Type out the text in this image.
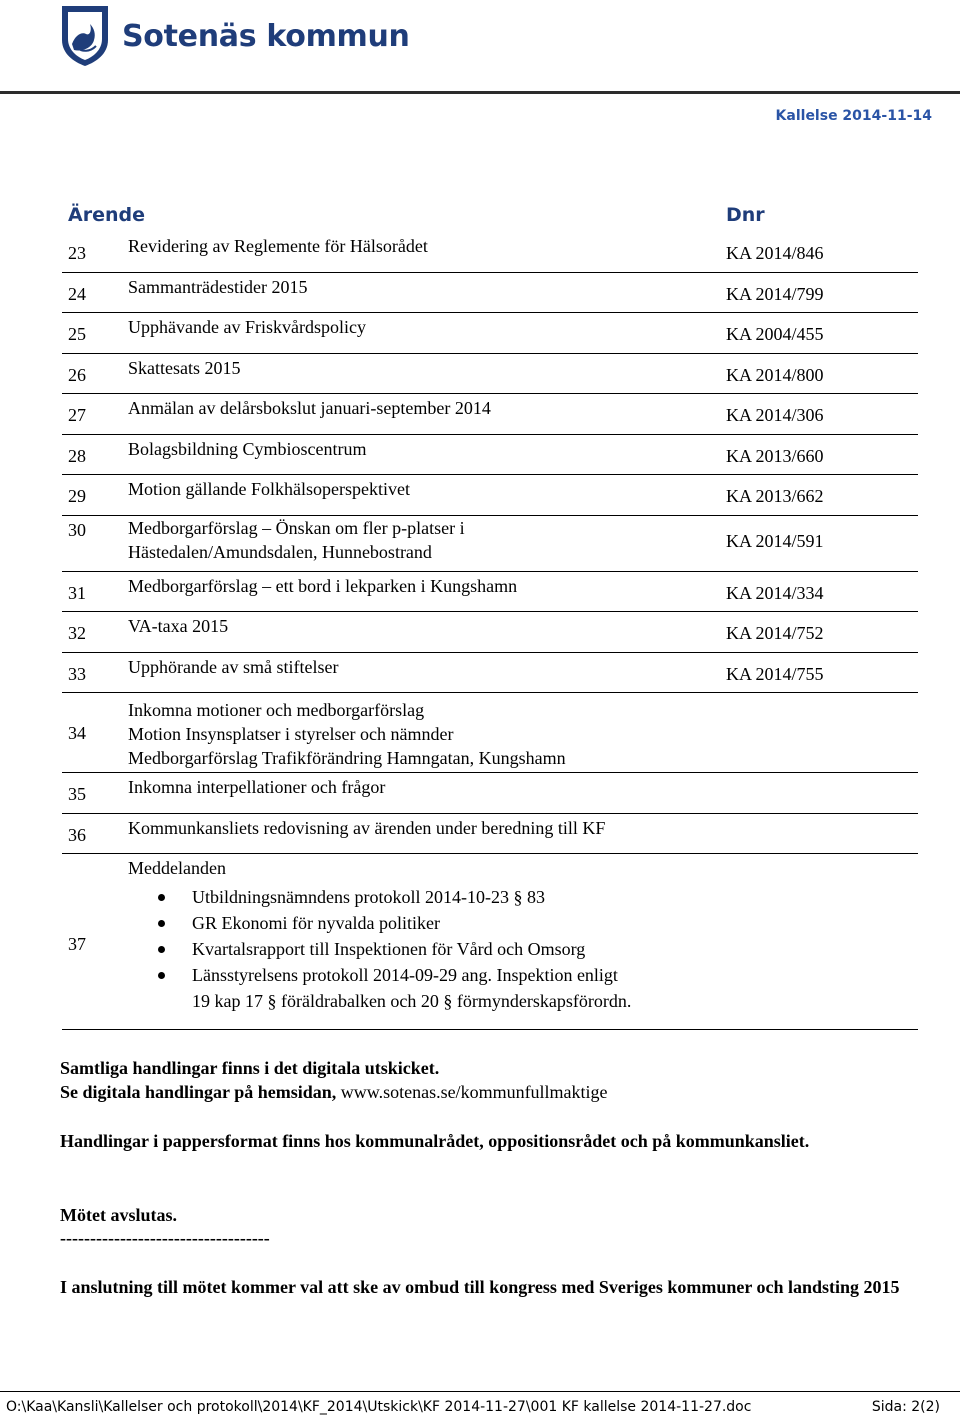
Sotenäs kommun
Kallelse 2014-11-14
Ärende	Dnr
23 Revidering av Reglemente för Hälsorådet	KA 2014/846
24 Sammanträdestider 2015	KA 2014/799
25 Upphävande av Friskvårdspolicy	KA 2004/455
26 Skattesats 2015	KA 2014/800
27 Anmälan av delårsbokslut januari-september 2014	KA 2014/306
28 Bolagsbildning Cymbioscentrum	KA 2013/660
29 Motion gällande Folkhälsoperspektivet	KA 2013/662
30 Medborgarförslag – Önskan om fler p-platser i
Hästedalen/Amundsdalen, Hunnebostrand
KA 2014/591
31 Medborgarförslag – ett bord i lekparken i Kungshamn	KA 2014/334
32 VA-taxa 2015	KA 2014/752
33 Upphörande av små stiftelser	KA 2014/755
34
Inkomna motioner och medborgarförslag
Motion Insynsplatser i styrelser och nämnder
Medborgarförslag Trafikförändring Hamngatan, Kungshamn
35 Inkomna interpellationer och frågor
36 Kommunkansliets redovisning av ärenden under beredning till KF
37
Meddelanden
Utbildningsnämndens protokoll 2014-10-23 § 83
GR Ekonomi för nyvalda politiker
Kvartalsrapport till Inspektionen för Vård och Omsorg
Länsstyrelsens protokoll 2014-09-29 ang. Inspektion enligt
19 kap 17 § föräldrabalken och 20 § förmynderskapsförordn.
Samtliga handlingar finns i det digitala utskicket.
Se digitala handlingar på hemsidan, www.sotenas.se/kommunfullmaktige
Handlingar i pappersformat finns hos kommunalrådet, oppositionsrådet och på kommunkansliet.
Mötet avslutas.
-----------------------------------
I anslutning till mötet kommer val att ske av ombud till kongress med Sveriges kommuner och landsting 2015
O:\Kaa\Kansli\Kallelser och protokoll\2014\KF_2014\Utskick\KF 2014-11-27\001 KF kallelse 2014-11-27.doc	Sida: 2(2)
